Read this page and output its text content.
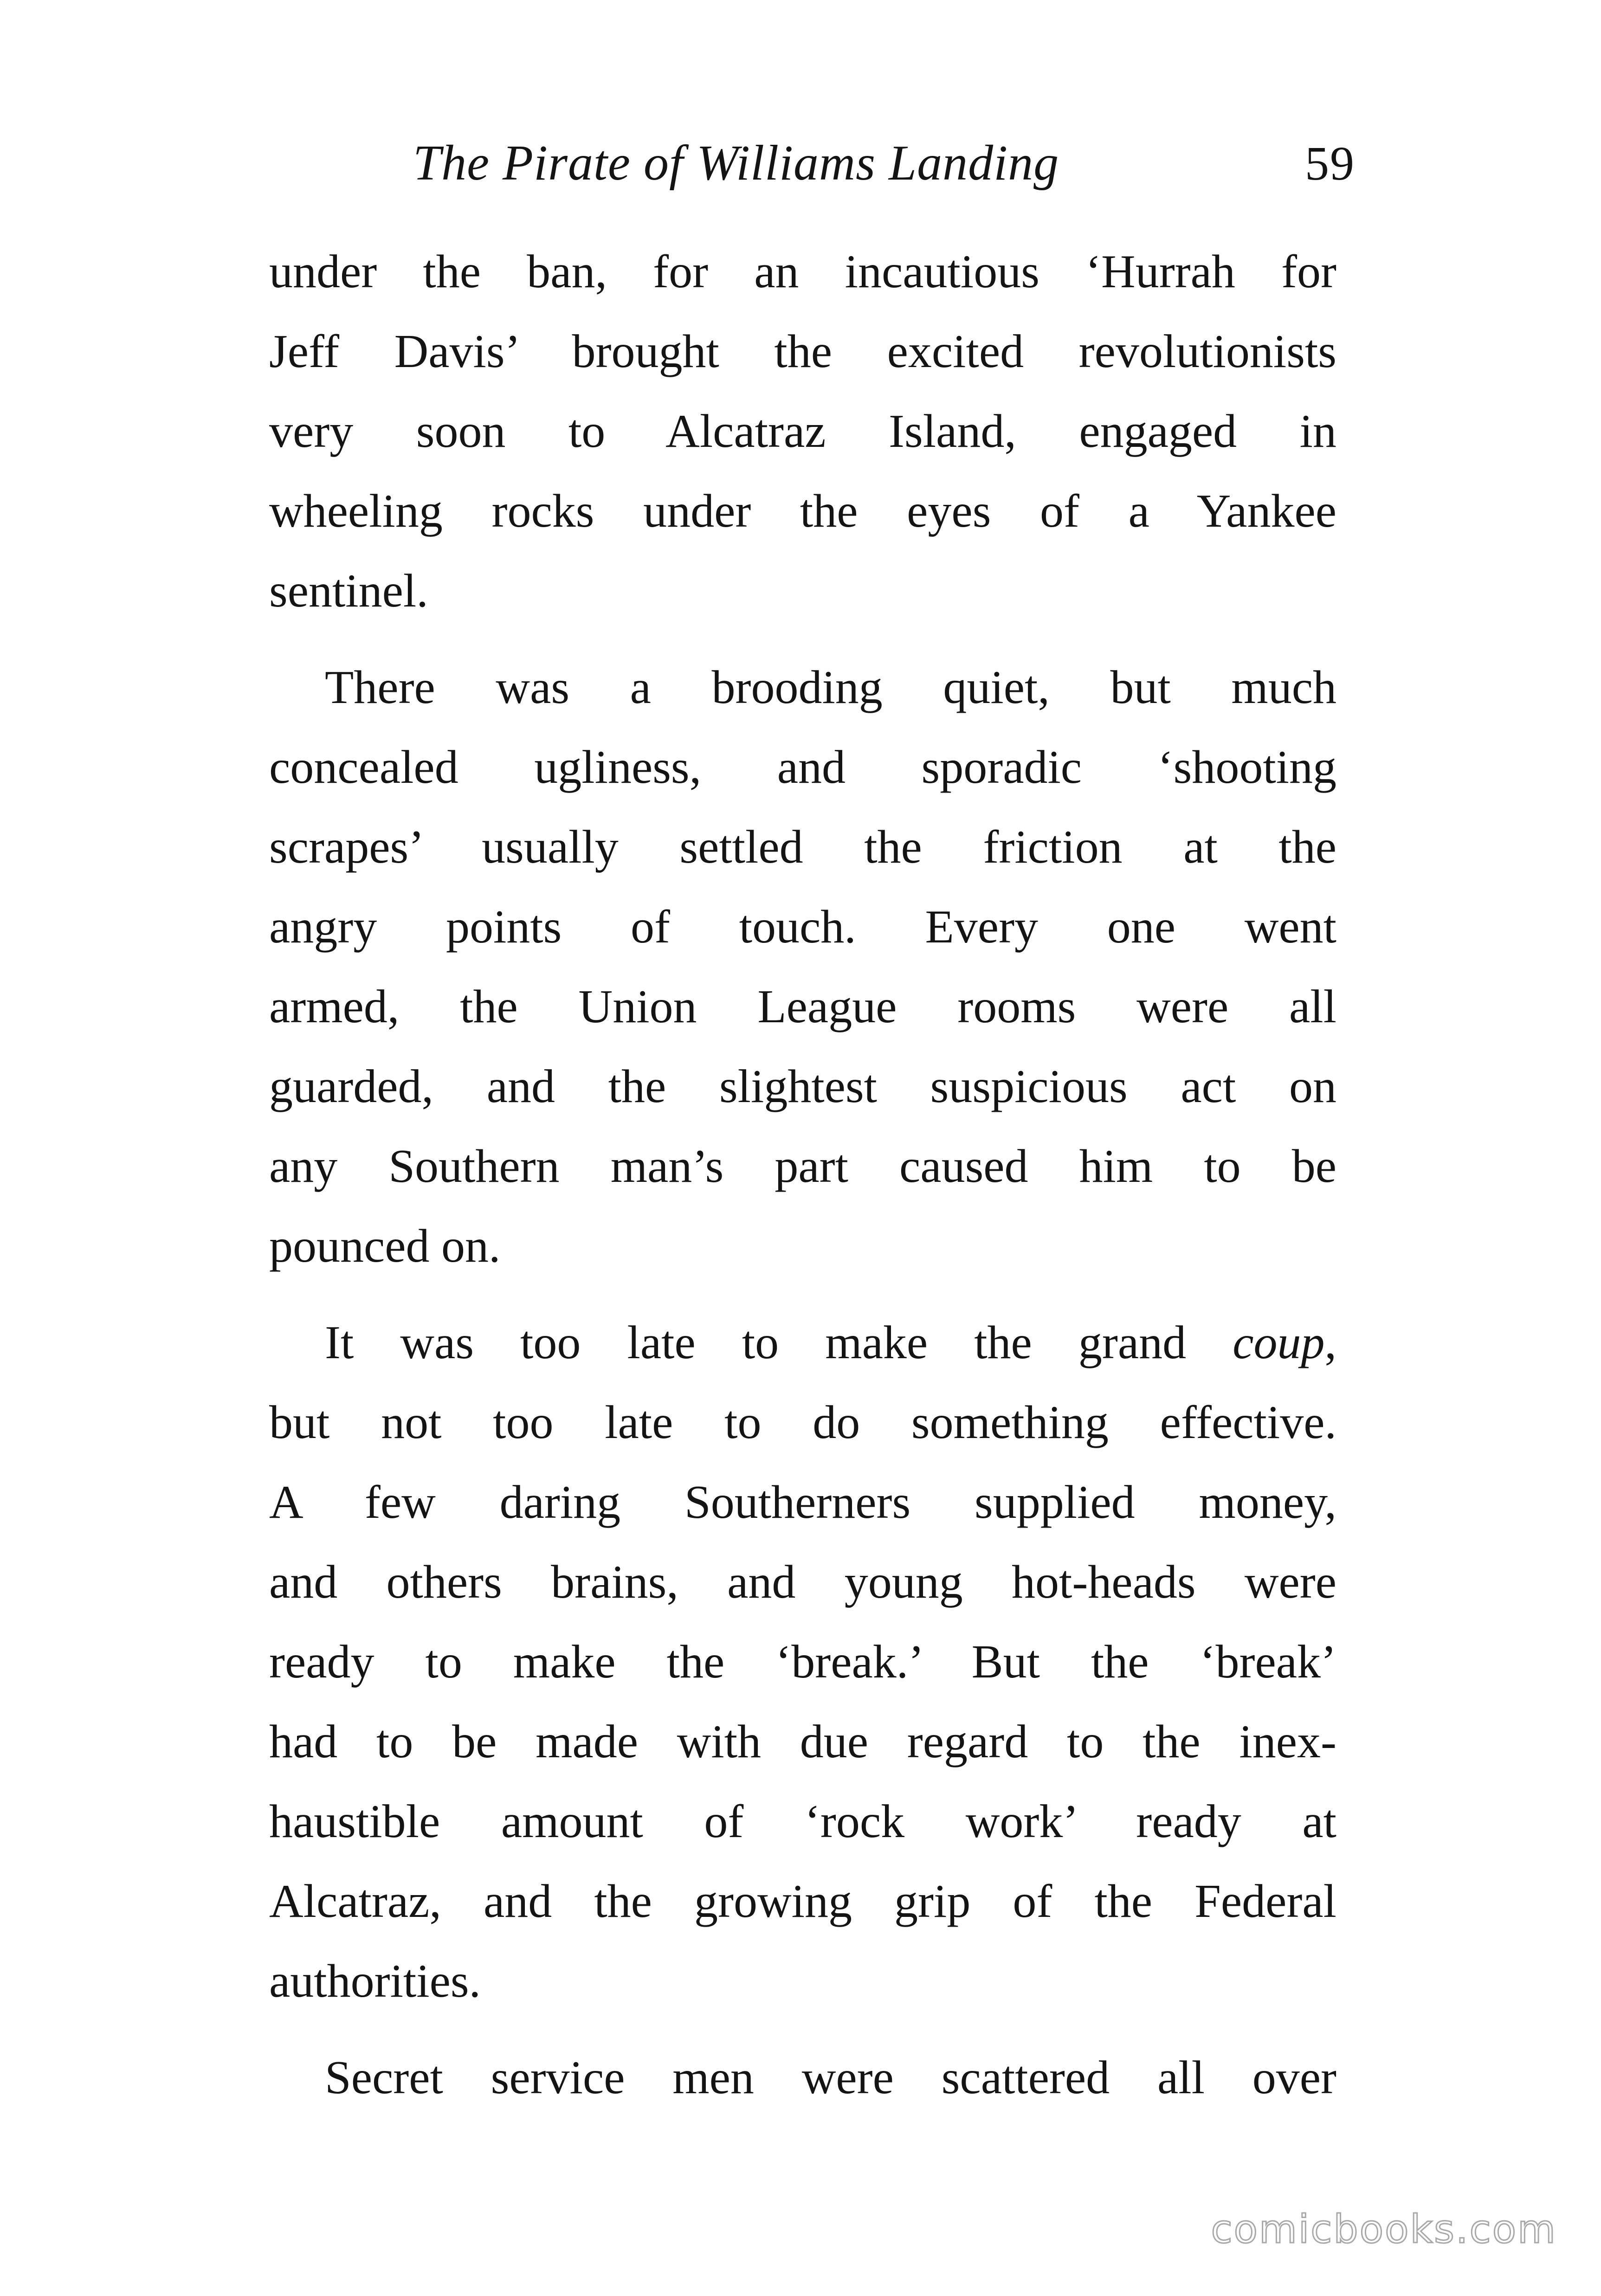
The Pirate of Williams Landing	59

under the ban, for an incautious ‘Hurrah for
Jeff Davis’ brought the excited revolutionists
very soon to Alcatraz Island, engaged in
wheeling rocks under the eyes of a Yankee
sentinel.

There was a brooding quiet, but much
concealed ugliness, and sporadic ‘shooting
scrapes’ usually settled the friction at the
angry points of touch. Every one went
armed, the Union League rooms were all
guarded, and the slightest suspicious act on
any Southern man’s part caused him to be
pounced on.

It was too late to make the grand coup,
but not too late to do something effective.
A few daring Southerners supplied money,
and others brains, and young hot-heads were
ready to make the ‘break.’ But the ‘break’
had to be made with due regard to the inex-
haustible amount of ‘rock work’ ready at
Alcatraz, and the growing grip of the Federal
authorities.

Secret service men were scattered all over

comicbooks.com
